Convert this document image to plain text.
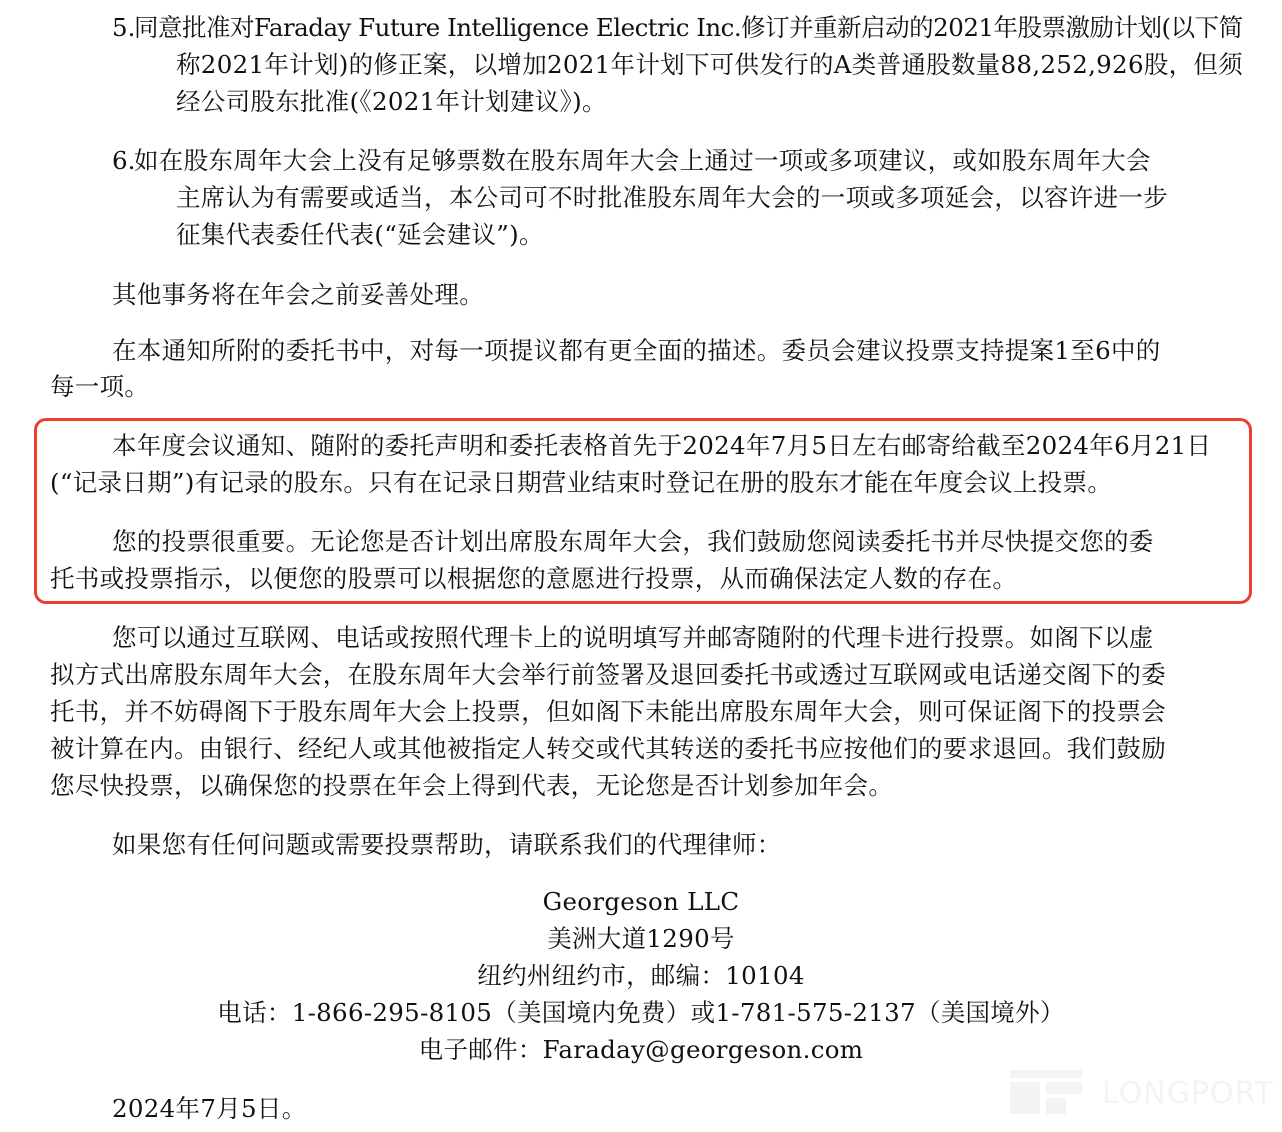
5.

同意批准对Faraday Future Intelligence Electric Inc.修订并重新启动的2021年股票激励计划(以下简

称2021年计划)的修正案，以增加2021年计划下可供发行的A类普通股数量88,252,926股，但须

经公司股东批准(《2021年计划建议》)。

6.

如在股东周年大会上没有足够票数在股东周年大会上通过一项或多项建议，或如股东周年大会

主席认为有需要或适当，本公司可不时批准股东周年大会的一项或多项延会，以容许进一步

征集代表委任代表(“延会建议”)。

其他事务将在年会之前妥善处理。

在本通知所附的委托书中，对每一项提议都有更全面的描述。委员会建议投票支持提案1至6中的

每一项。

本年度会议通知、随附的委托声明和委托表格首先于2024年7月5日左右邮寄给截至2024年6月21日

(“记录日期”)有记录的股东。只有在记录日期营业结束时登记在册的股东才能在年度会议上投票。

您的投票很重要。无论您是否计划出席股东周年大会，我们鼓励您阅读委托书并尽快提交您的委

托书或投票指示，以便您的股票可以根据您的意愿进行投票，从而确保法定人数的存在。

您可以通过互联网、电话或按照代理卡上的说明填写并邮寄随附的代理卡进行投票。如阁下以虚

拟方式出席股东周年大会，在股东周年大会举行前签署及退回委托书或透过互联网或电话递交阁下的委

托书，并不妨碍阁下于股东周年大会上投票，但如阁下未能出席股东周年大会，则可保证阁下的投票会

被计算在内。由银行、经纪人或其他被指定人转交或代其转送的委托书应按他们的要求退回。我们鼓励

您尽快投票，以确保您的投票在年会上得到代表，无论您是否计划参加年会。

如果您有任何问题或需要投票帮助，请联系我们的代理律师：

Georgeson LLC

美洲大道1290号

纽约州纽约市，邮编：10104

电话：1-866-295-8105（美国境内免费）或1-781-575-2137（美国境外）

电子邮件：Faraday@georgeson.com

2024年7月5日。	LONGPORT
